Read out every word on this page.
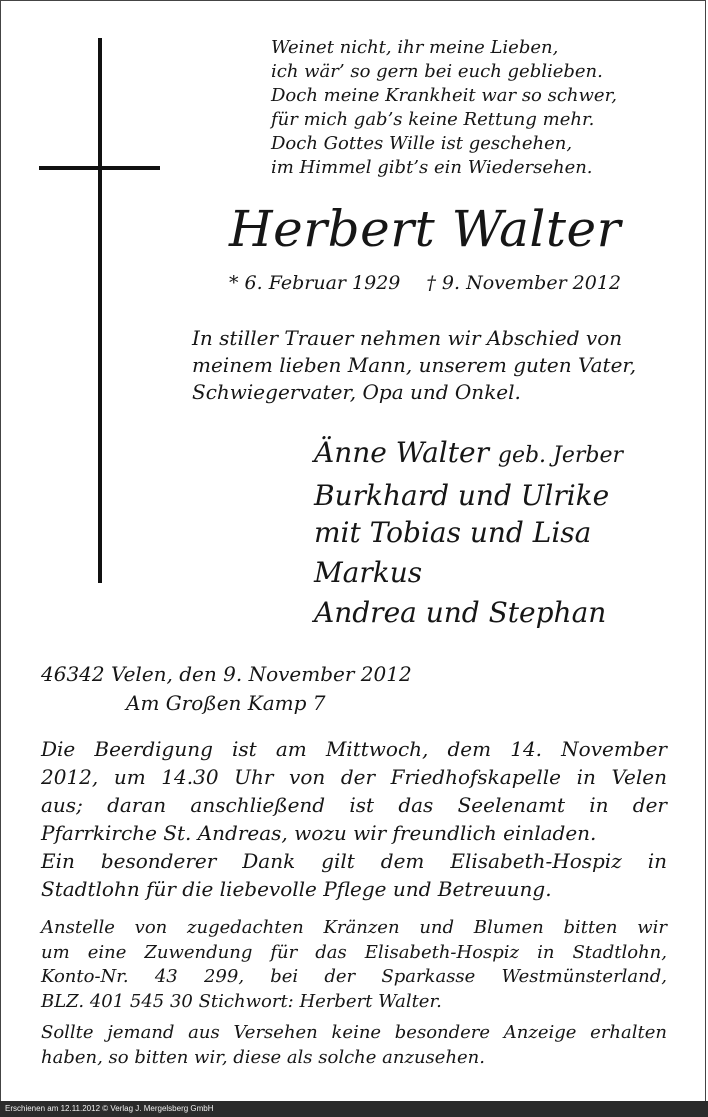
Weinet nicht, ihr meine Lieben,
ich wär’ so gern bei euch geblieben.
Doch meine Krankheit war so schwer,
für mich gab’s keine Rettung mehr.
Doch Gottes Wille ist geschehen,
im Himmel gibt’s ein Wiedersehen.
Herbert Walter
* 6. Februar 1929 † 9. November 2012
In stiller Trauer nehmen wir Abschied von
meinem lieben Mann, unserem guten Vater,
Schwiegervater, Opa und Onkel.
Änne Walter geb. Jerber
Burkhard und Ulrike
mit Tobias und Lisa
Markus
Andrea und Stephan
46342 Velen, den 9. November 2012
Am Großen Kamp 7
Die Beerdigung ist am Mittwoch, dem 14. November
2012, um 14.30 Uhr von der Friedhofskapelle in Velen
aus; daran anschließend ist das Seelenamt in der
Pfarrkirche St. Andreas, wozu wir freundlich einladen.
Ein besonderer Dank gilt dem Elisabeth-Hospiz in
Stadtlohn für die liebevolle Pflege und Betreuung.
Anstelle von zugedachten Kränzen und Blumen bitten wir
um eine Zuwendung für das Elisabeth-Hospiz in Stadtlohn,
Konto-Nr. 43 299, bei der Sparkasse Westmünsterland,
BLZ. 401 545 30 Stichwort: Herbert Walter.
Sollte jemand aus Versehen keine besondere Anzeige erhalten
haben, so bitten wir, diese als solche anzusehen.
Erschienen am 12.11.2012 © Verlag J. Mergelsberg GmbH
